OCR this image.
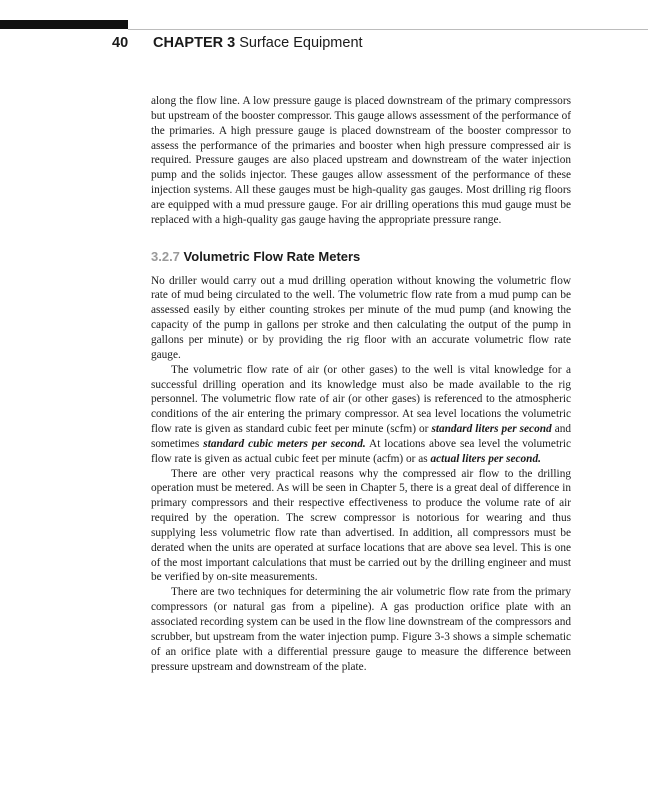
40 CHAPTER 3 Surface Equipment

along the flow line. A low pressure gauge is placed downstream of the primary compressors but upstream of the booster compressor. This gauge allows assessment of the performance of the primaries. A high pressure gauge is placed downstream of the booster compressor to assess the performance of the primaries and booster when high pressure compressed air is required. Pressure gauges are also placed upstream and downstream of the water injection pump and the solids injector. These gauges allow assessment of the performance of these injection systems. All these gauges must be high-quality gas gauges. Most drilling rig floors are equipped with a mud pressure gauge. For air drilling operations this mud gauge must be replaced with a high-quality gas gauge having the appropriate pressure range.

3.2.7 Volumetric Flow Rate Meters

No driller would carry out a mud drilling operation without knowing the volumetric flow rate of mud being circulated to the well. The volumetric flow rate from a mud pump can be assessed easily by either counting strokes per minute of the mud pump (and knowing the capacity of the pump in gallons per stroke and then calculating the output of the pump in gallons per minute) or by providing the rig floor with an accurate volumetric flow rate gauge.

The volumetric flow rate of air (or other gases) to the well is vital knowledge for a successful drilling operation and its knowledge must also be made available to the rig personnel. The volumetric flow rate of air (or other gases) is referenced to the atmospheric conditions of the air entering the primary compressor. At sea level locations the volumetric flow rate is given as standard cubic feet per minute (scfm) or standard liters per second and sometimes standard cubic meters per second. At locations above sea level the volumetric flow rate is given as actual cubic feet per minute (acfm) or as actual liters per second.

There are other very practical reasons why the compressed air flow to the drilling operation must be metered. As will be seen in Chapter 5, there is a great deal of difference in primary compressors and their respective effectiveness to produce the volume rate of air required by the operation. The screw compressor is notorious for wearing and thus supplying less volumetric flow rate than advertised. In addition, all compressors must be derated when the units are operated at surface locations that are above sea level. This is one of the most important calculations that must be carried out by the drilling engineer and must be verified by on-site measurements.

There are two techniques for determining the air volumetric flow rate from the primary compressors (or natural gas from a pipeline). A gas production orifice plate with an associated recording system can be used in the flow line downstream of the compressors and scrubber, but upstream from the water injection pump. Figure 3-3 shows a simple schematic of an orifice plate with a differential pressure gauge to measure the difference between pressure upstream and downstream of the plate.
